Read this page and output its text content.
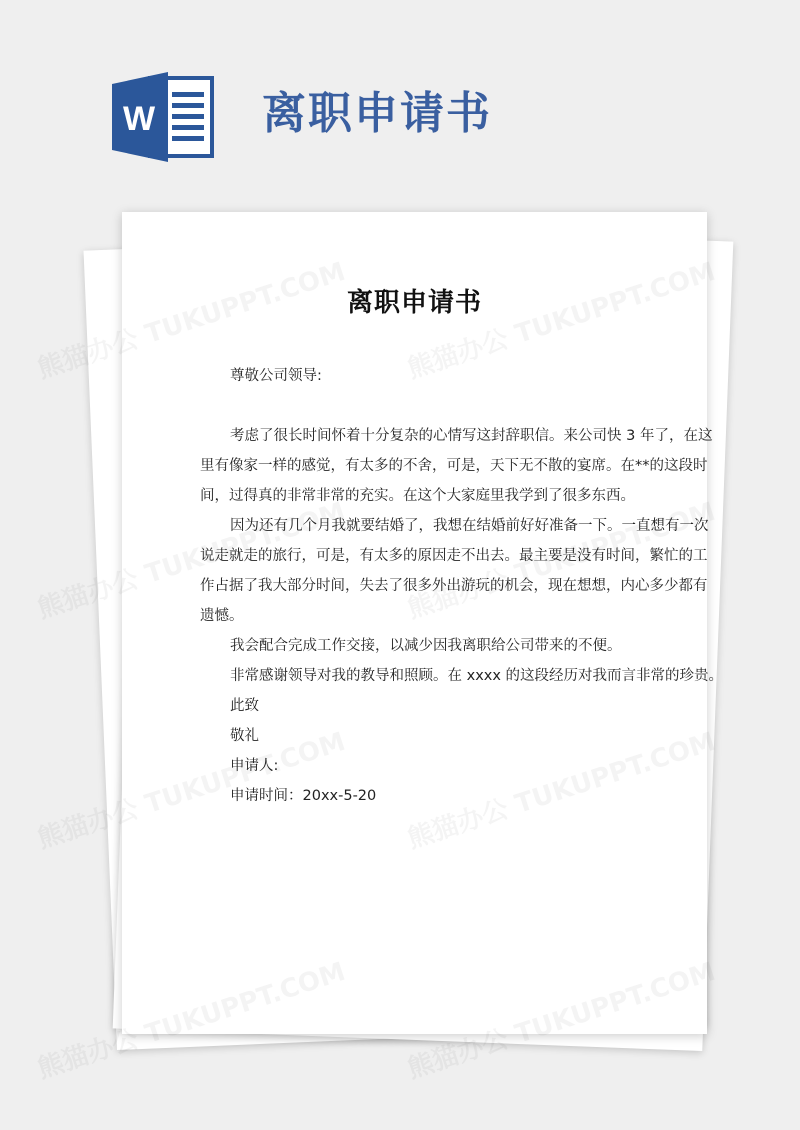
W 离职申请书
离职申请书
尊敬公司领导:
考虑了很长时间怀着十分复杂的心情写这封辞职信。来公司快 3 年了，在这
里有像家一样的感觉，有太多的不舍，可是，天下无不散的宴席。在**的这段时
间，过得真的非常非常的充实。在这个大家庭里我学到了很多东西。
因为还有几个月我就要结婚了，我想在结婚前好好准备一下。一直想有一次
说走就走的旅行，可是，有太多的原因走不出去。最主要是没有时间，繁忙的工
作占据了我大部分时间，失去了很多外出游玩的机会，现在想想，内心多少都有
遗憾。
我会配合完成工作交接，以减少因我离职给公司带来的不便。
非常感谢领导对我的教导和照顾。在 xxxx 的这段经历对我而言非常的珍贵。
此致
敬礼
申请人:
申请时间：20xx-5-20
